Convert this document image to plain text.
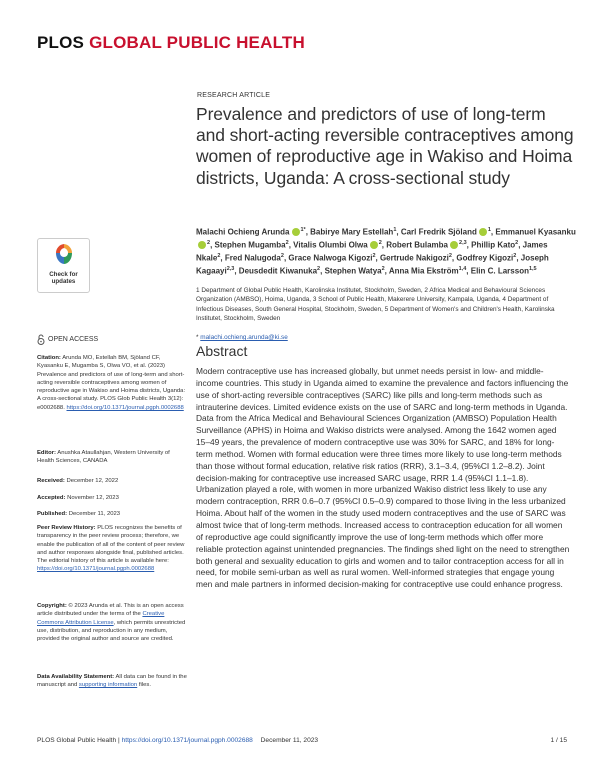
PLOS GLOBAL PUBLIC HEALTH
RESEARCH ARTICLE
Prevalence and predictors of use of long-term and short-acting reversible contraceptives among women of reproductive age in Wakiso and Hoima districts, Uganda: A cross-sectional study
Malachi Ochieng Arunda $^{1*}$, Babirye Mary Estellah$^1$, Carl Fredrik Sjöland $^1$, Emmanuel Kyasanku$^2$, Stephen Mugamba$^2$, Vitalis Olumbi Olwa $^2$, Robert Bulamba $^{2,3}$, Phillip Kato$^2$, James Nkale$^2$, Fred Nalugoda$^2$, Grace Nalwoga Kigozi$^2$, Gertrude Nakigozi$^2$, Godfrey Kigozi$^2$, Joseph Kagaayi$^{2,3}$, Deusdedit Kiwanuka$^2$, Stephen Watya$^2$, Anna Mia Ekström$^{1,4}$, Elin C. Larsson$^{1,5}$
1 Department of Global Public Health, Karolinska Institutet, Stockholm, Sweden, 2 Africa Medical and Behavioural Sciences Organization (AMBSO), Hoima, Uganda, 3 School of Public Health, Makerere University, Kampala, Uganda, 4 Department of Infectious Diseases, South General Hospital, Stockholm, Sweden, 5 Department of Women's and Children's Health, Karolinska Institutet, Stockholm, Sweden
* malachi.ochieng.arunda@ki.se
Abstract

Modern contraceptive use has increased globally, but unmet needs persist in low- and middle-income countries. This study in Uganda aimed to examine the prevalence and factors influencing the use of short-acting reversible contraceptives (SARC) like pills and long-term methods such as intrauterine devices. Limited evidence exists on the use of SARC and long-term methods in Uganda. Data from the Africa Medical and Behavioural Sciences Organization (AMBSO) Population Health Surveillance (APHS) in Hoima and Wakiso districts were analysed. Among the 1642 women aged 15–49 years, the prevalence of modern contraceptive use was 30% for SARC, and 18% for long-term method. Women with formal education were three times more likely to use long-term methods than those without formal education, relative risk ratios (RRR), 3.1–3.4, (95%CI 1.2–8.2). Joint decision-making for contraceptive use increased SARC usage, RRR 1.4 (95%CI 1.1–1.8). Urbanization played a role, with women in more urbanized Wakiso district less likely to use any modern contraception, RRR 0.6–0.7 (95%CI 0.5–0.9) compared to those living in the less urbanized Hoima. About half of the women in the study used modern contraceptives and the use of SARC was almost twice that of long-term methods. Increased access to contraception education for all women of reproductive age could significantly improve the use of long-term methods which offer more reliable protection against unintended pregnancies. The findings shed light on the need to strengthen both general and sexuality education to girls and women and to tailor contraception access for all in need, for mobile semi-urban as well as rural women. Well-informed strategies that engage young men and male partners in informed decision-making for contraceptive use could enhance progress.

Check for
updates
OPEN ACCESS
Citation: Arunda MO, Estellah BM, Sjöland CF, Kyasanku E, Mugamba S, Olwa VO, et al. (2023) Prevalence and predictors of use of long-term and short-acting reversible contraceptives among women of reproductive age in Wakiso and Hoima districts, Uganda: A cross-sectional study. PLOS Glob Public Health 3(12): e0002688. https://doi.org/10.1371/journal.pgph.0002688
Editor: Anushka Ataullahjan, Western University of Health Sciences, CANADA
Received: December 12, 2022
Accepted: November 12, 2023
Published: December 11, 2023
Peer Review History: PLOS recognizes the benefits of transparency in the peer review process; therefore, we enable the publication of all of the content of peer review and author responses alongside final, published articles. The editorial history of this article is available here: https://doi.org/10.1371/journal.pgph.0002688
Copyright: © 2023 Arunda et al. This is an open access article distributed under the terms of the Creative Commons Attribution License, which permits unrestricted use, distribution, and reproduction in any medium, provided the original author and source are credited.
Data Availability Statement: All data can be found in the manuscript and supporting information files.
PLOS Global Public Health | https://doi.org/10.1371/journal.pgph.0002688 December 11, 2023	1 / 15
